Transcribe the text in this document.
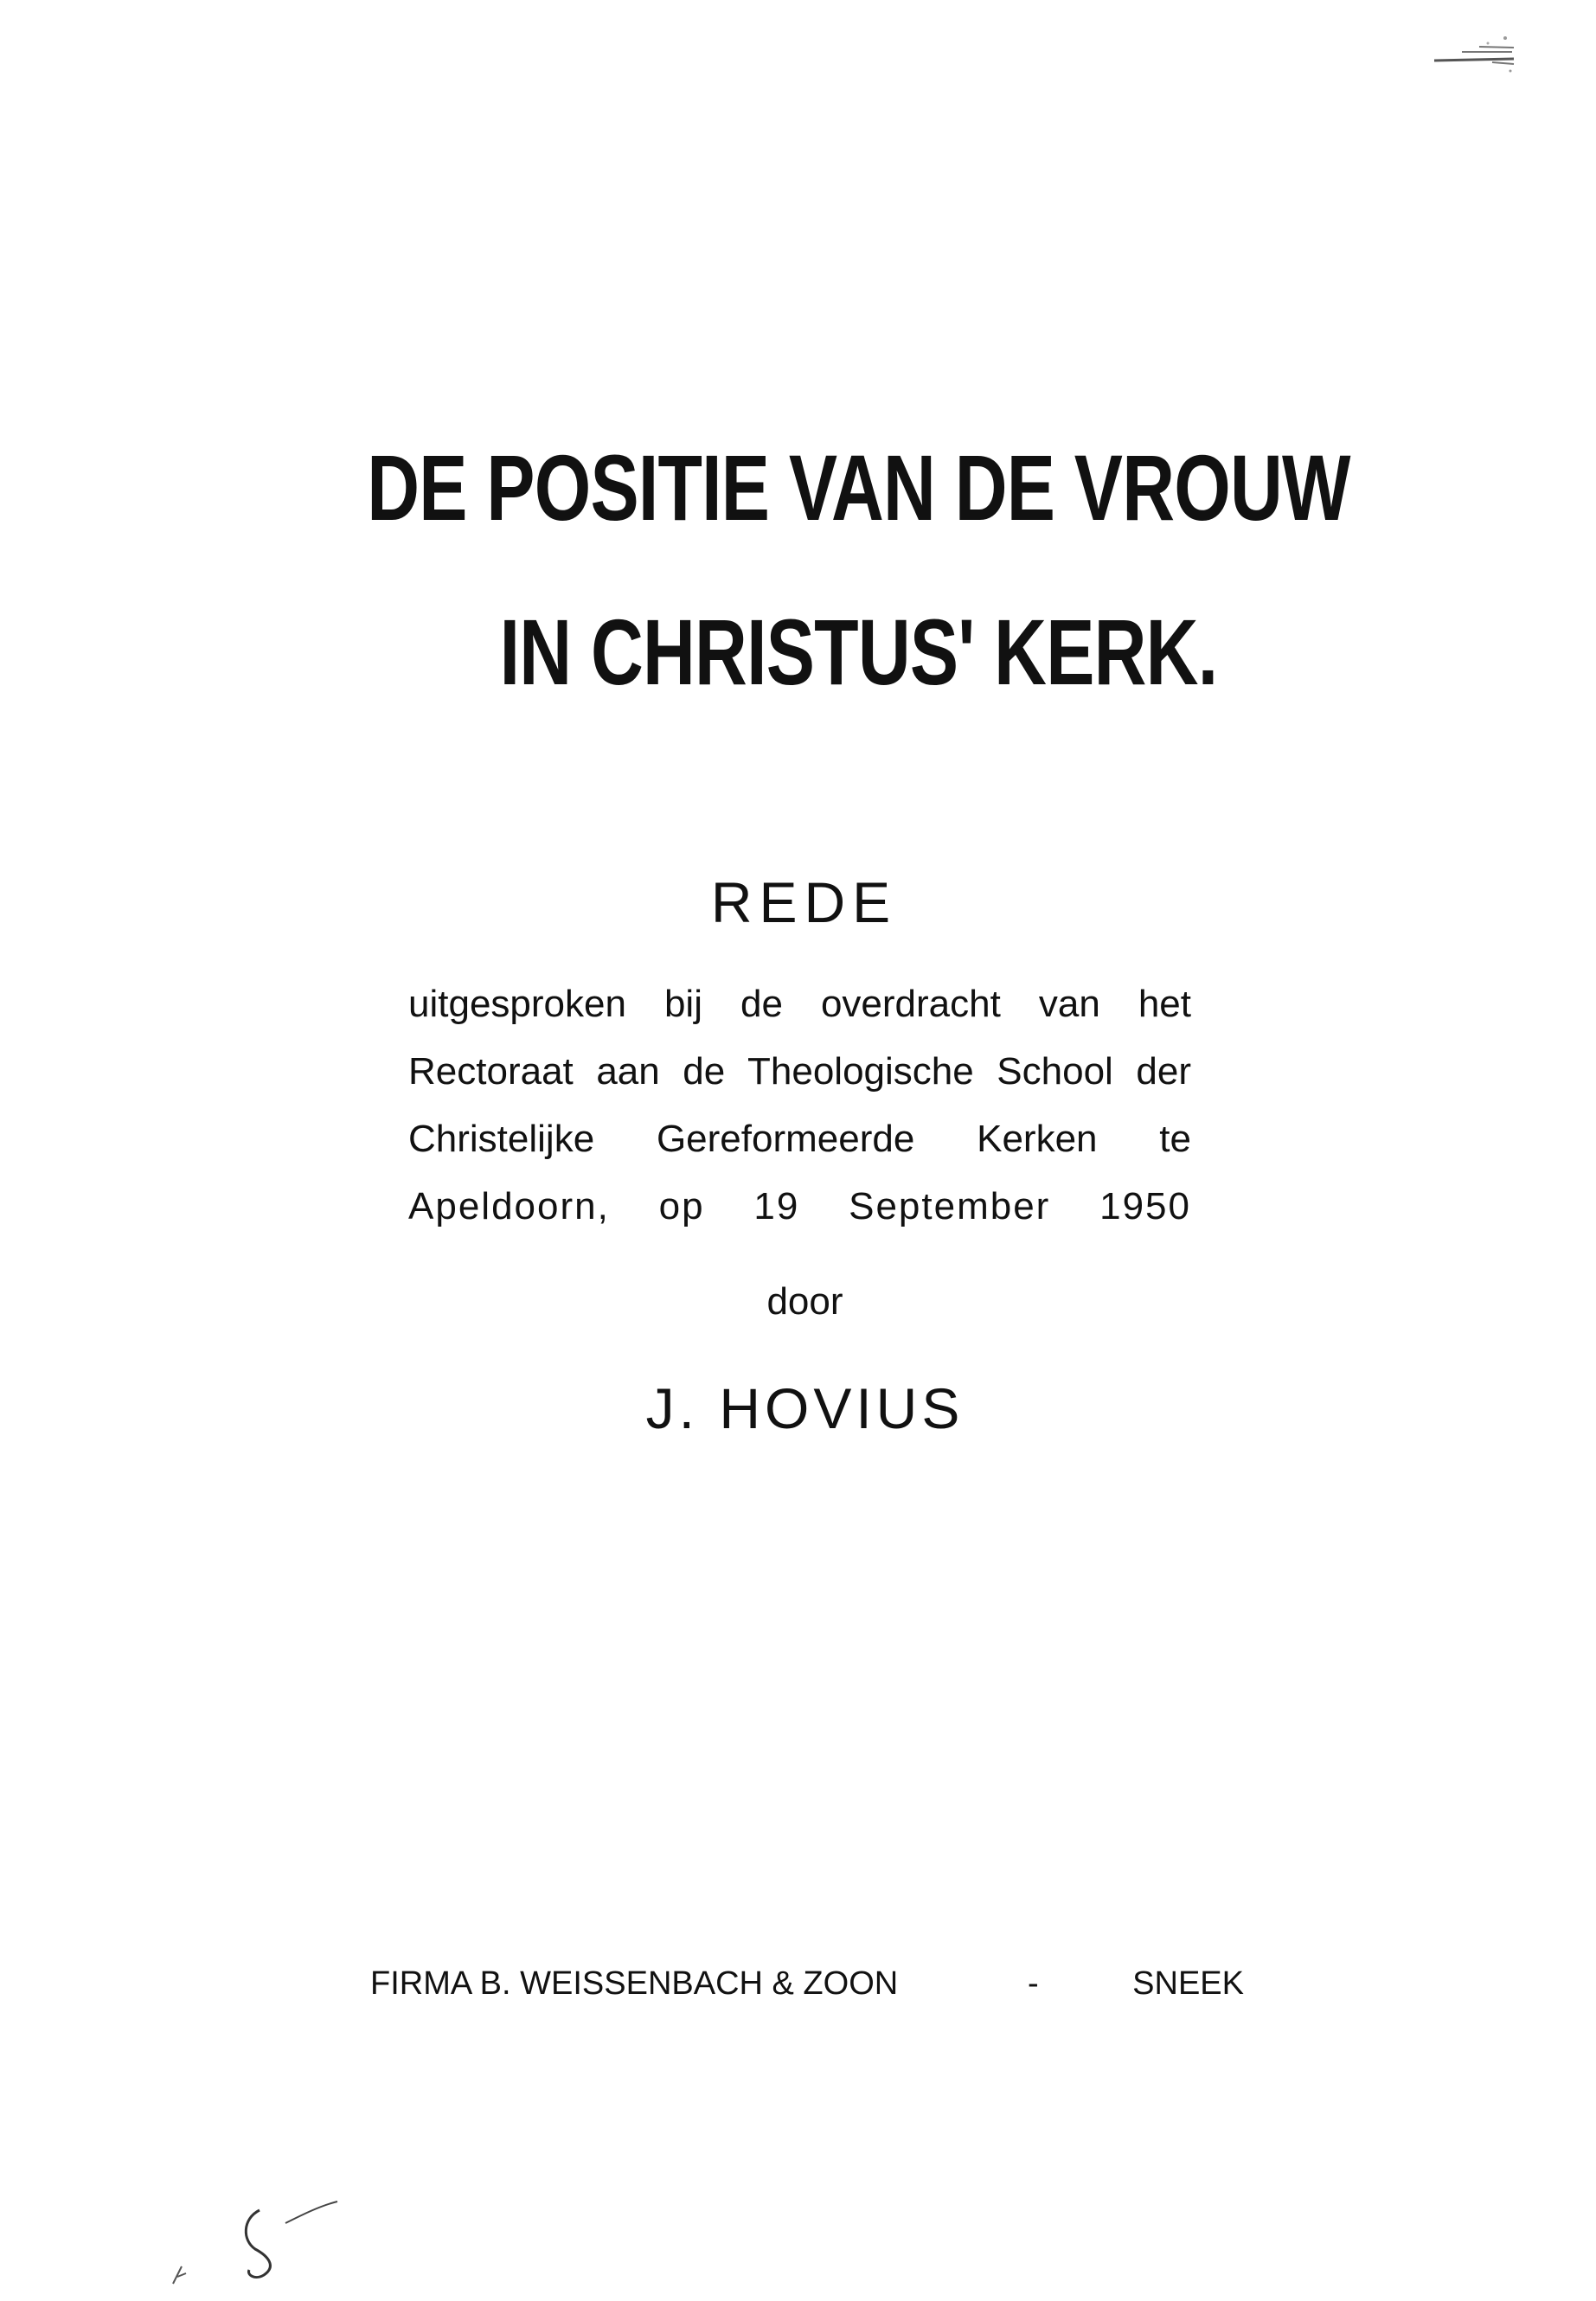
DE POSITIE VAN DE VROUW
IN CHRISTUS' KERK.
REDE
uitgesproken bij de overdracht van het
Rectoraat aan de Theologische School der
Christelijke Gereformeerde Kerken te
Apeldoorn, op 19 September 1950
door
J. HOVIUS
FIRMA B. WEISSENBACH & ZOON	-	SNEEK
